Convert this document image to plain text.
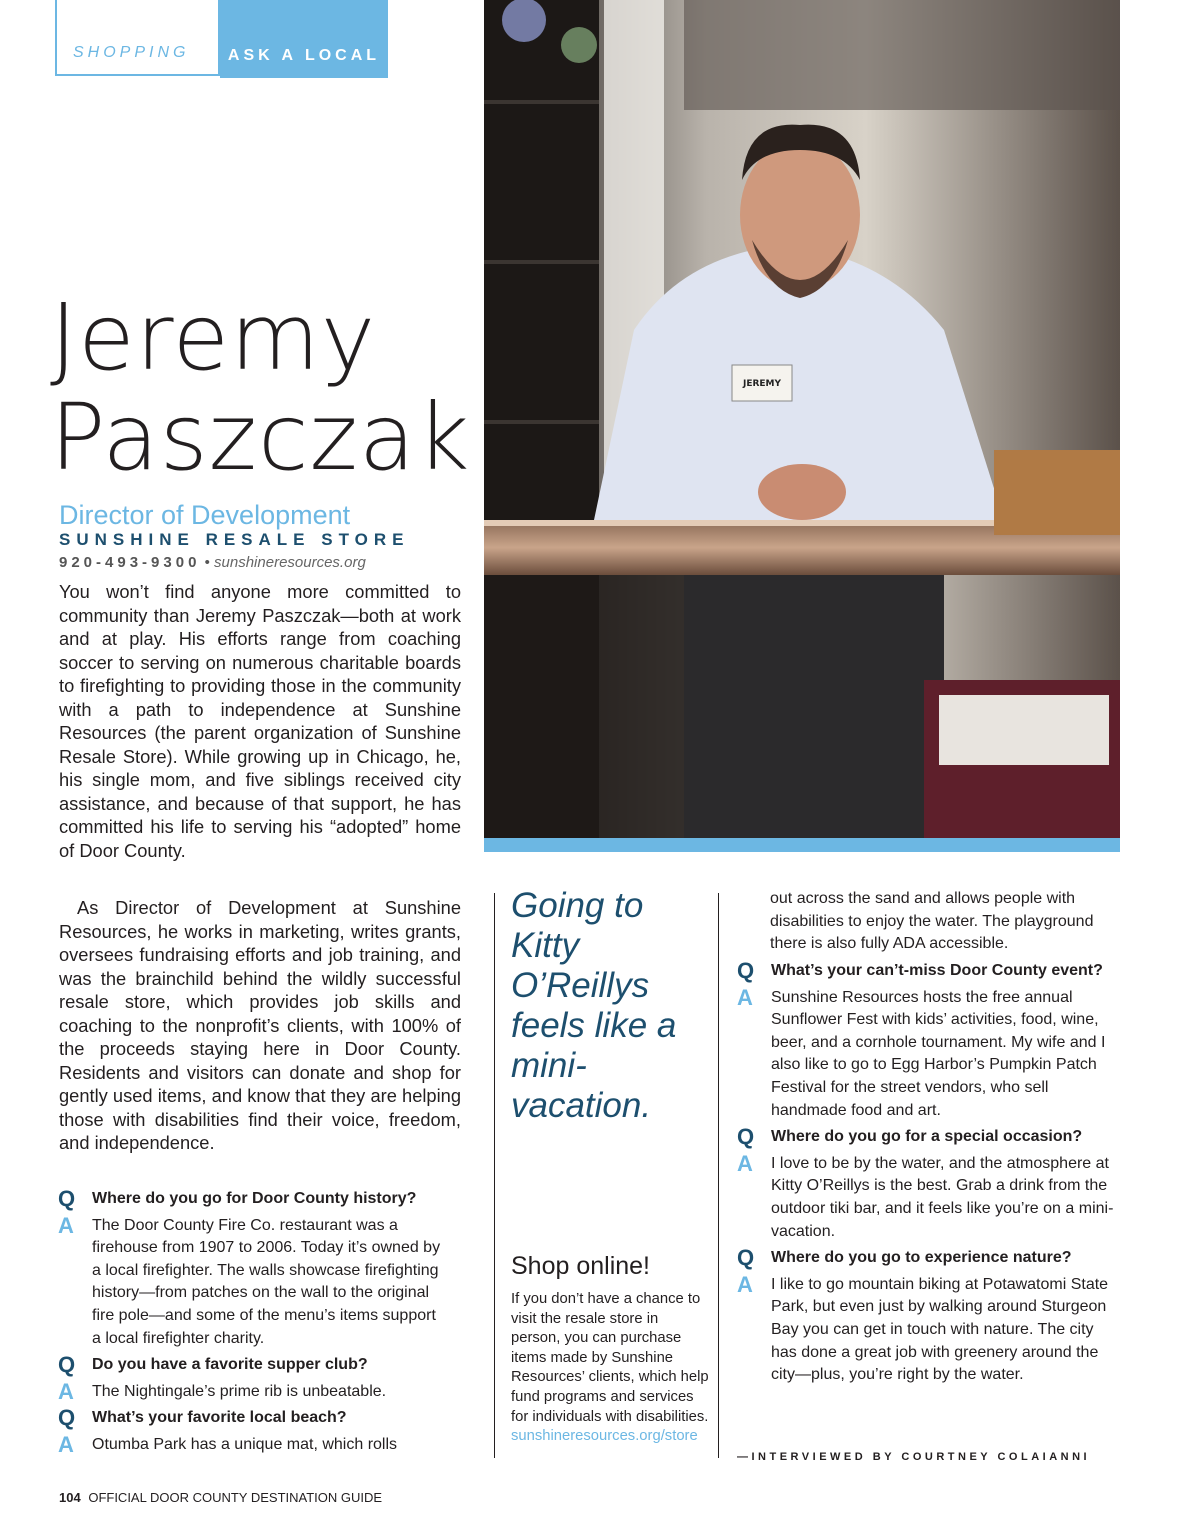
SHOPPING	ASK A LOCAL
JEREMY
Jeremy
Paszczak
Director of Development
SUNSHINE RESALE STORE
920-493-9300 • sunshineresources.org

You won’t find anyone more committed to community than Jeremy Paszczak—both at work and at play. His efforts range from coaching soccer to serving on numerous charitable boards to firefighting to providing those in the community with a path to independence at Sunshine Resources (the parent organization of Sunshine Resale Store). While growing up in Chicago, he, his single mom, and five siblings received city assistance, and because of that support, he has committed his life to serving his “adopted” home of Door County.

As Director of Development at Sunshine Resources, he works in marketing, writes grants, oversees fundraising efforts and job training, and was the brainchild behind the wildly successful resale store, which provides job skills and coaching to the nonprofit’s clients, with 100% of the proceeds staying here in Door County. Residents and visitors can donate and shop for gently used items, and know that they are helping those with disabilities find their voice, freedom, and independence.

Q	Where do you go for Door County history?
A	The Door County Fire Co. restaurant was a firehouse from 1907 to 2006. Today it’s owned by a local firefighter. The walls showcase firefighting history—from patches on the wall to the original fire pole—and some of the menu’s items support a local firefighter charity.
Q	Do you have a favorite supper club?
A	The Nightingale’s prime rib is unbeatable.
Q	What’s your favorite local beach?
A	Otumba Park has a unique mat, which rolls

Going to Kitty O’Reillys feels like a mini-vacation.

Shop online!
If you don’t have a chance to visit the resale store in person, you can purchase items made by Sunshine Resources’ clients, which help fund programs and services for individuals with disabilities.
sunshineresources.org/store
out across the sand and allows people with disabilities to enjoy the water. The playground there is also fully ADA accessible.
Q	What’s your can’t-miss Door County event?
A	Sunshine Resources hosts the free annual Sunflower Fest with kids’ activities, food, wine, beer, and a cornhole tournament. My wife and I also like to go to Egg Harbor’s Pumpkin Patch Festival for the street vendors, who sell handmade food and art.
Q	Where do you go for a special occasion?
A	I love to be by the water, and the atmosphere at Kitty O’Reillys is the best. Grab a drink from the outdoor tiki bar, and it feels like you’re on a mini-vacation.
Q	Where do you go to experience nature?
A	I like to go mountain biking at Potawatomi State Park, but even just by walking around Sturgeon Bay you can get in touch with nature. The city has done a great job with greenery around the city—plus, you’re right by the water.
—INTERVIEWED BY COURTNEY COLAIANNI
104 OFFICIAL DOOR COUNTY DESTINATION GUIDE
